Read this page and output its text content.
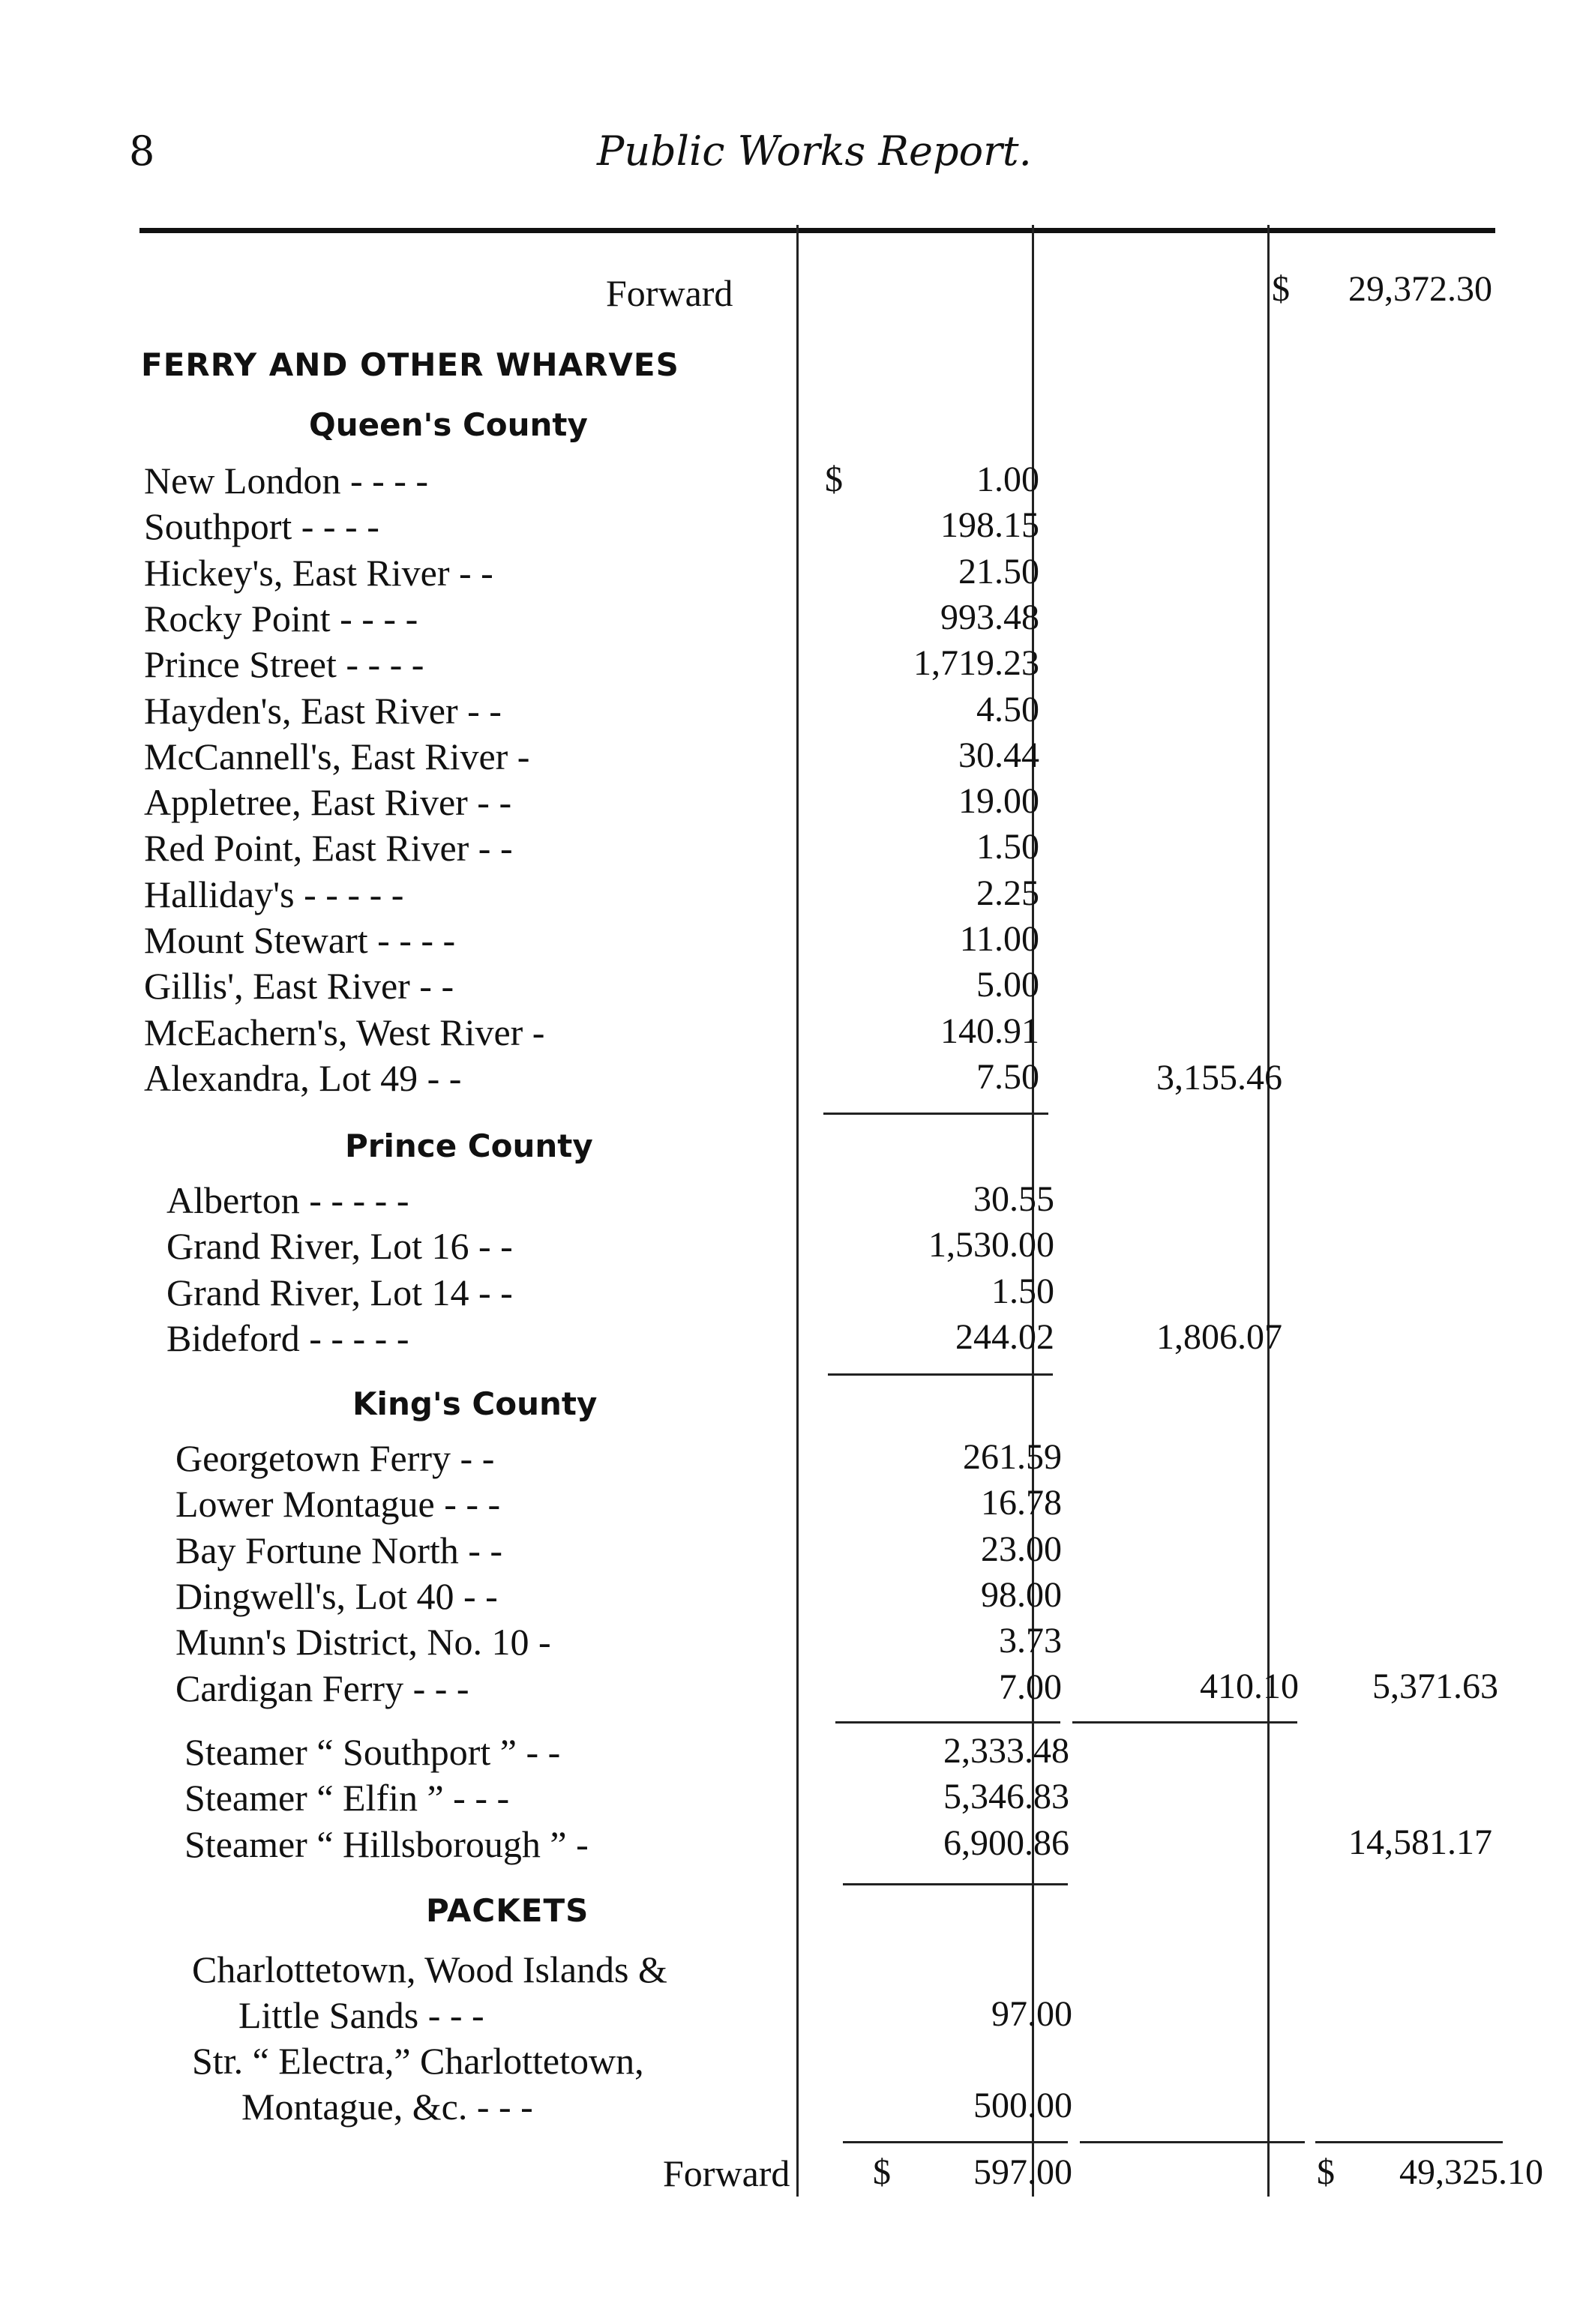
8	Public Works Report.
Forward	$	29,372.30
FERRY AND OTHER WHARVES
Queen's County
$
New London - - - -	1.00
Southport - - - -	198.15
Hickey's, East River - -	21.50
Rocky Point - - - -	993.48
Prince Street - - - -	1,719.23
Hayden's, East River - -	4.50
McCannell's, East River -	30.44
Appletree, East River - -	19.00
Red Point, East River - -	1.50
Halliday's - - - - -	2.25
Mount Stewart - - - -	11.00
Gillis', East River - -	5.00
McEachern's, West River -	140.91
Alexandra, Lot 49 - -	7.50	3,155.46
Prince County
Alberton - - - - -	30.55
Grand River, Lot 16 - -	1,530.00
Grand River, Lot 14 - -	1.50
Bideford - - - - -	244.02	1,806.07
King's County
Georgetown Ferry - -	261.59
Lower Montague - - -	16.78
Bay Fortune North - -	23.00
Dingwell's, Lot 40 - -	98.00
Munn's District, No. 10 -	3.73
Cardigan Ferry - - -	7.00	410.10	5,371.63
Steamer “ Southport ” - -	2,333.48
Steamer “ Elfin ” - - -	5,346.83
Steamer “ Hillsborough ” -	6,900.86	14,581.17
PACKETS
Charlottetown, Wood Islands &
Little Sands - - -	97.00
Str. “ Electra,” Charlottetown,
Montague, &c. - - -	500.00
Forward $	597.00	$	49,325.10
